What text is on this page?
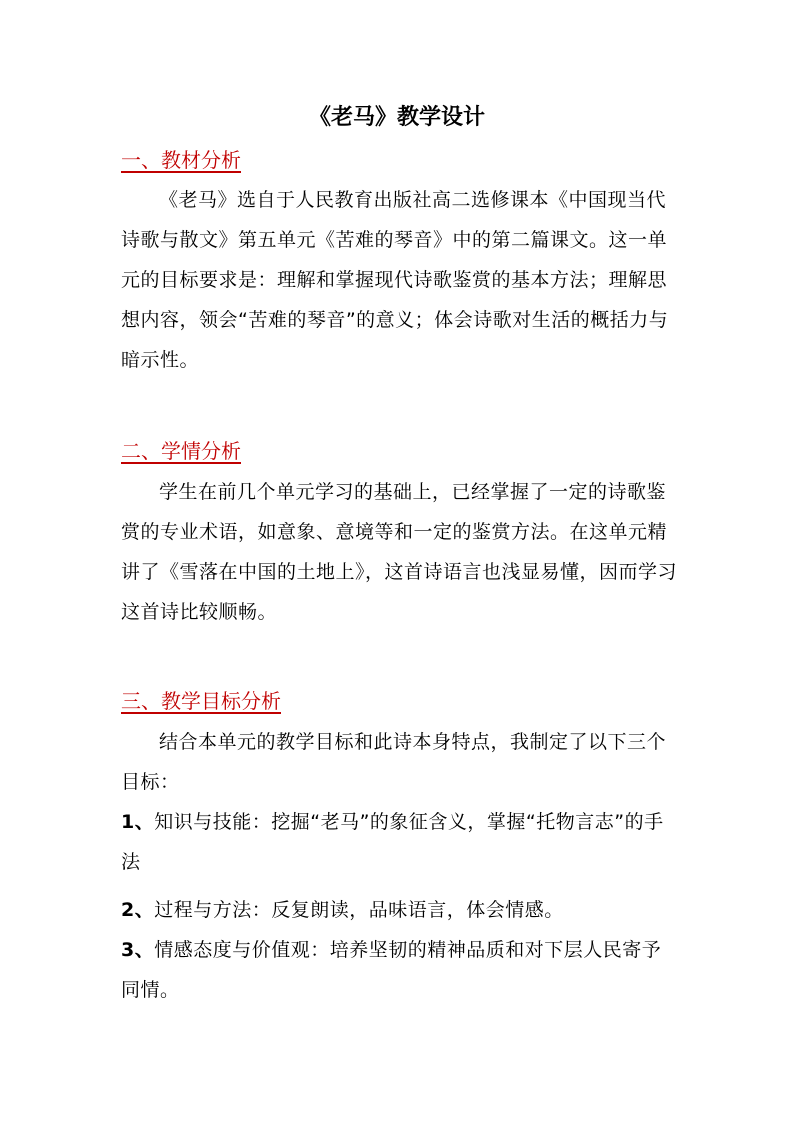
《老马》教学设计
一、教材分析
《老马》选自于人民教育出版社高二选修课本《中国现当代诗歌与散文》第五单元《苦难的琴音》中的第二篇课文。这一单元的目标要求是：理解和掌握现代诗歌鉴赏的基本方法；理解思想内容，领会“苦难的琴音”的意义；体会诗歌对生活的概括力与暗示性。
二、学情分析
学生在前几个单元学习的基础上，已经掌握了一定的诗歌鉴赏的专业术语，如意象、意境等和一定的鉴赏方法。在这单元精讲了《雪落在中国的土地上》，这首诗语言也浅显易懂，因而学习这首诗比较顺畅。
三、教学目标分析
结合本单元的教学目标和此诗本身特点，我制定了以下三个目标：
1、知识与技能：挖掘“老马”的象征含义，掌握“托物言志”的手法
2、过程与方法：反复朗读，品味语言，体会情感。
3、情感态度与价值观：培养坚韧的精神品质和对下层人民寄予同情。
